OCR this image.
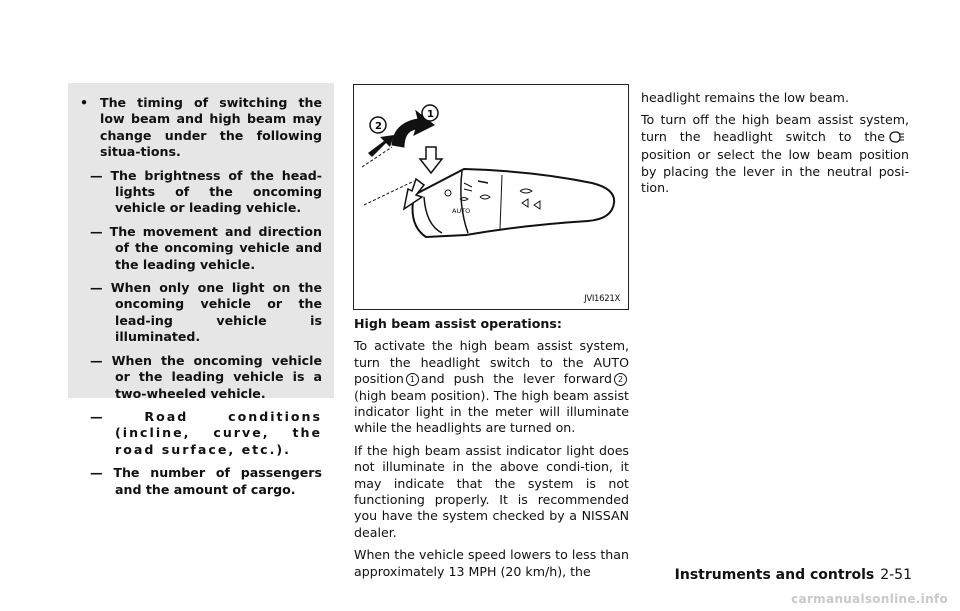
• The timing of switching the low beam and high beam may change under the following situa-tions.
— The brightness of the head-lights of the oncoming vehicle or leading vehicle.
— The movement and direction of the oncoming vehicle and the leading vehicle.
— When only one light on the oncoming vehicle or the lead-ing vehicle is illuminated.
— When the oncoming vehicle or the leading vehicle is a two-wheeled vehicle.
— Road conditions (incline, curve, the road surface, etc.).
— The number of passengers and the amount of cargo.
AUTO
1
2
JVI1621X
High beam assist operations:

To activate the high beam assist system, turn the headlight switch to the AUTO position 1 and push the lever forward 2(high beam position). The high beam assist indicator light in the meter will illuminate while the headlights are turned on.

If the high beam assist indicator light does not illuminate in the above condi-tion, it may indicate that the system is not functioning properly. It is recommended you have the system checked by a NISSAN dealer.

When the vehicle speed lowers to less than approximately 13 MPH (20 km/h), the

headlight remains the low beam.

To turn off the high beam assist system, turn the headlight switch to theposition or select the low beam position by placing the lever in the neutral posi-tion.

Instruments and controls 2-51
carmanualsonline.info
